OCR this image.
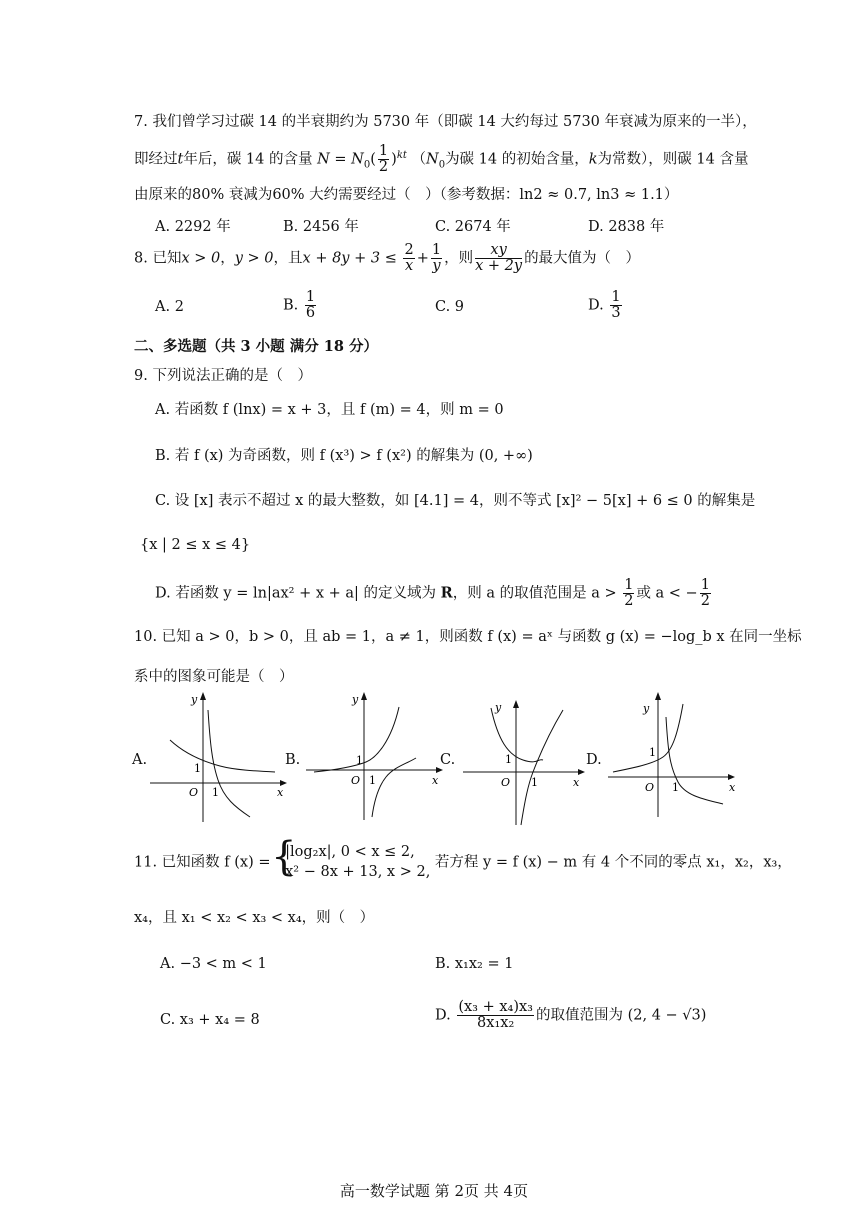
7. 我们曾学习过碳 14 的半衰期约为 5730 年（即碳 14 大约每过 5730 年衰减为原来的一半），
即经过t年后，碳 14 的含量 $N = N_0( \frac{1}{2} )^{kt}$ （$N_0$为碳 14 的初始含量，k为常数），则碳 14 含量
由原来的80% 衰减为60% 大约需要经过（　）（参考数据：ln2 ≈ 0.7, ln3 ≈ 1.1）
A. 2292 年	B. 2456 年	C. 2674 年	D. 2838 年
8. 已知x > 0，y > 0，且$x + 8y + 3 \le \frac{2}{x} + \frac{1}{y}$ ，则 $\frac{xy}{x + 2y}$ 的最大值为（　）
A. 2	B. $\frac{1}{6}$	C. 9	D. $\frac{1}{3}$
二、多选题（共 3 小题 满分 18 分）
9. 下列说法正确的是（　）
A. 若函数 f (lnx) = x + 3，且 f (m) = 4，则 m = 0
B. 若 f (x) 为奇函数，则 f (x³) > f (x²) 的解集为 (0, +∞)
C. 设 [x] 表示不超过 x 的最大整数，如 [4.1] = 4，则不等式 [x]² − 5[x] + 6 ≤ 0 的解集是
{x | 2 ≤ x ≤ 4}
D. 若函数 y = ln|ax² + x + a| 的定义域为 R，则 a 的取值范围是 $a > \frac{1}{2}$ 或 a < − $\frac{1}{2}$
10. 已知 a > 0，b > 0，且 ab = 1，a ≠ 1，则函数 f (x) = aˣ 与函数 g (x) = −log_b x 在同一坐标
系中的图象可能是（　）
A.
y
x
O
1
1
B.
y
x
O
1
1
C.
y
x
O
1
1
D.
y
x
O
1
1
11. 已知函数 f (x) =
{ |log₂x|, 0 < x ≤ 2,
x² − 8x + 13, x > 2,
若方程 y = f (x) − m 有 4 个不同的零点 x₁，x₂，x₃，
x₄，且 x₁ < x₂ < x₃ < x₄，则（　）
A. −3 < m < 1	B. x₁x₂ = 1
C. x₃ + x₄ = 8	D. $\frac{\text{(x₃ + x₄)x₃}}{\text{8x₁x₂}}$ 的取值范围为 (2, 4 − √3)
高一数学试题 第 2页 共 4页
